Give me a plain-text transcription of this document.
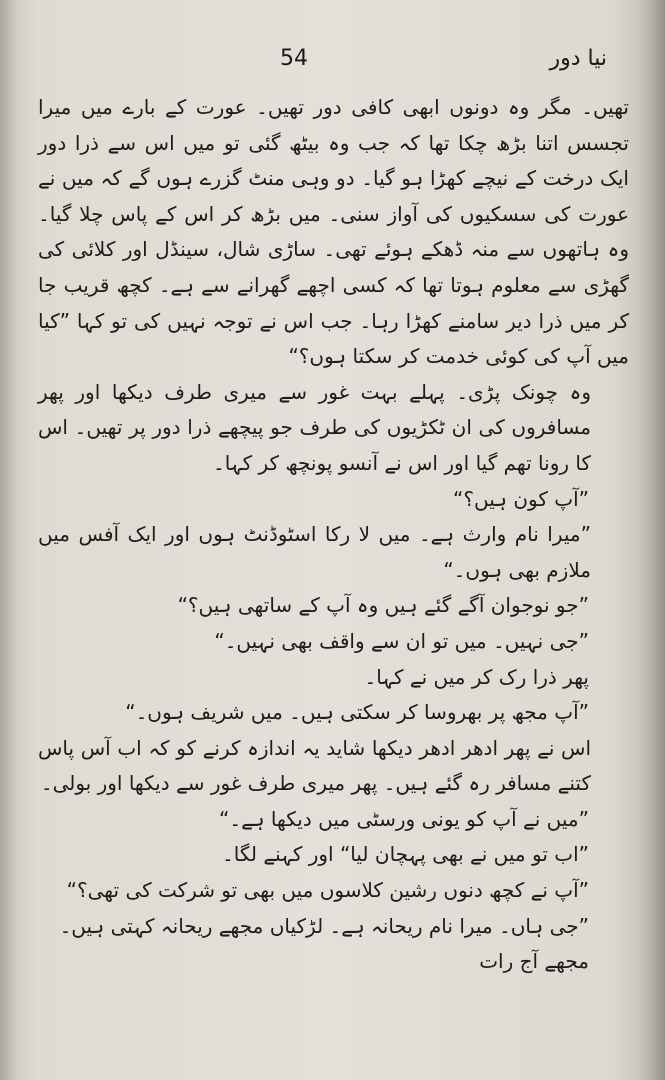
نیا دور
54

تھیں۔ مگر وہ دونوں ابھی کافی دور تھیں۔ عورت کے بارے میں میرا تجسس اتنا بڑھ چکا تھا کہ جب وہ بیٹھ گئی تو میں اس سے ذرا دور ایک درخت کے نیچے کھڑا ہو گیا۔ دو وہی منٹ گزرے ہوں گے کہ میں نے عورت کی سسکیوں کی آواز سنی۔ میں بڑھ کر اس کے پاس چلا گیا۔ وہ ہاتھوں سے منہ ڈھکے ہوئے تھی۔ ساڑی شال، سینڈل اور کلائی کی گھڑی سے معلوم ہوتا تھا کہ کسی اچھے گھرانے سے ہے۔ کچھ قریب جا کر میں ذرا دیر سامنے کھڑا رہا۔ جب اس نے توجہ نہیں کی تو کہا ”کیا میں آپ کی کوئی خدمت کر سکتا ہوں؟“

وہ چونک پڑی۔ پہلے بہت غور سے میری طرف دیکھا اور پھر مسافروں کی ان ٹکڑیوں کی طرف جو پیچھے ذرا دور پر تھیں۔ اس کا رونا تھم گیا اور اس نے آنسو پونچھ کر کہا۔

”آپ کون ہیں؟“

”میرا نام وارث ہے۔ میں لا رکا اسٹوڈنٹ ہوں اور ایک آفس میں ملازم بھی ہوں۔“

”جو نوجوان آگے گئے ہیں وہ آپ کے ساتھی ہیں؟“

”جی نہیں۔ میں تو ان سے واقف بھی نہیں۔“

پھر ذرا رک کر میں نے کہا۔

”آپ مجھ پر بھروسا کر سکتی ہیں۔ میں شریف ہوں۔“

اس نے پھر ادھر ادھر دیکھا شاید یہ اندازہ کرنے کو کہ اب آس پاس کتنے مسافر رہ گئے ہیں۔ پھر میری طرف غور سے دیکھا اور بولی۔

”میں نے آپ کو یونی ورسٹی میں دیکھا ہے۔“

”اب تو میں نے بھی پہچان لیا“ اور کہنے لگا۔

”آپ نے کچھ دنوں رشین کلاسوں میں بھی تو شرکت کی تھی؟“

”جی ہاں۔ میرا نام ریحانہ ہے۔ لڑکیاں مجھے ریحانہ کہتی ہیں۔ مجھے آج رات
